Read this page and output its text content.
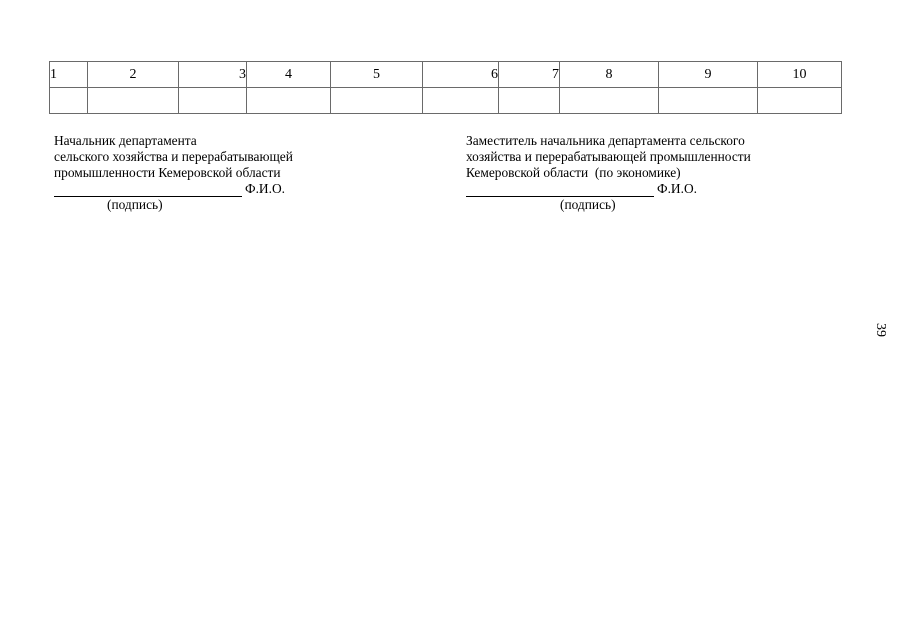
1	2	3	4	5	6	7	8	9	10

Начальник департамента
сельского хозяйства и перерабатывающей
промышленности Кемеровской области
Ф.И.О.
(подпись)
Заместитель начальника департамента сельского
хозяйства и перерабатывающей промышленности
Кемеровской области  (по экономике)
Ф.И.О.
(подпись)
39
